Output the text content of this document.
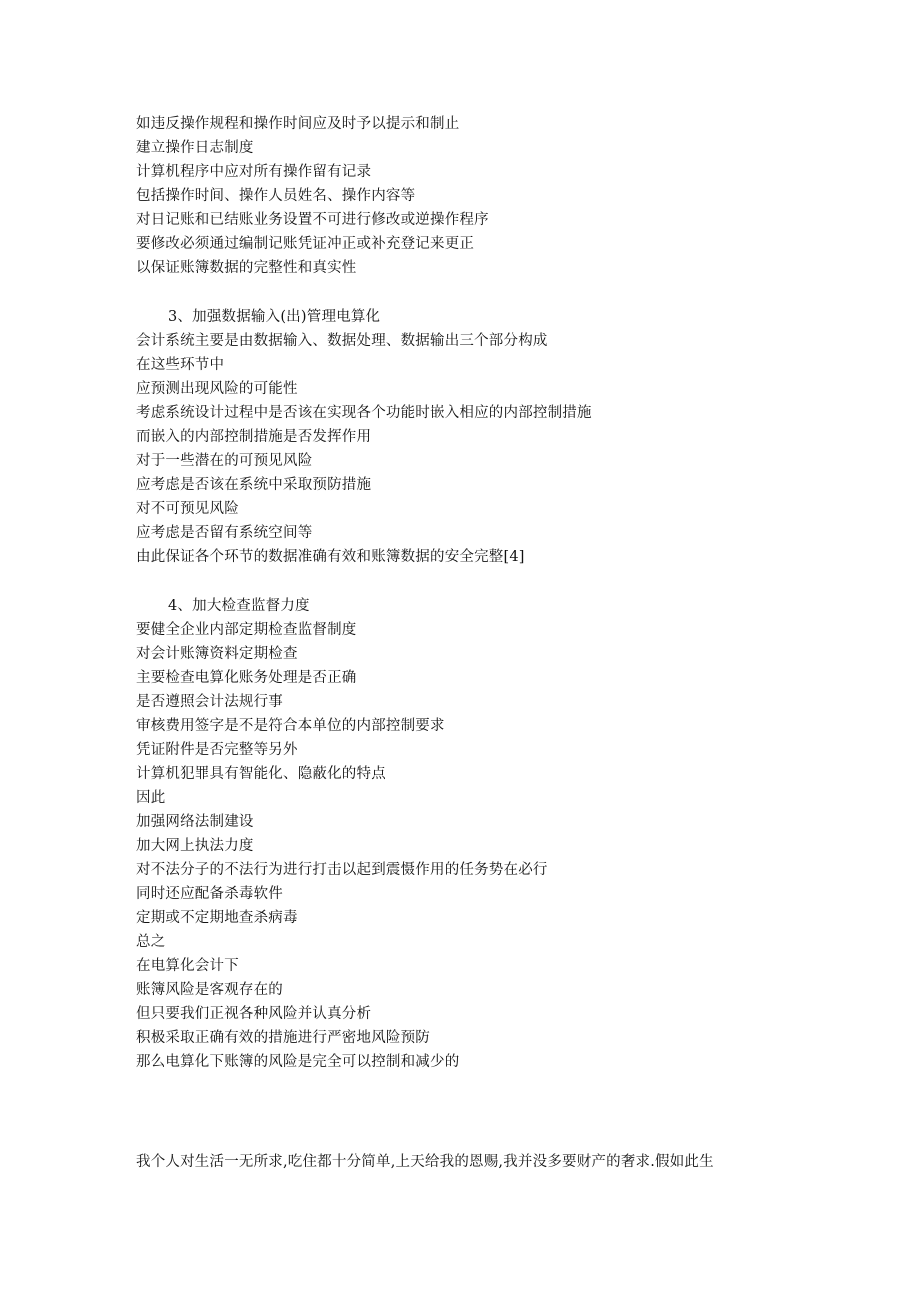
如违反操作规程和操作时间应及时予以提示和制止
建立操作日志制度
计算机程序中应对所有操作留有记录
包括操作时间、操作人员姓名、操作内容等
对日记账和已结账业务设置不可进行修改或逆操作程序
要修改必须通过编制记账凭证冲正或补充登记来更正
以保证账簿数据的完整性和真实性
3、加强数据输入(出)管理电算化
会计系统主要是由数据输入、数据处理、数据输出三个部分构成
在这些环节中
应预测出现风险的可能性
考虑系统设计过程中是否该在实现各个功能时嵌入相应的内部控制措施
而嵌入的内部控制措施是否发挥作用
对于一些潜在的可预见风险
应考虑是否该在系统中采取预防措施
对不可预见风险
应考虑是否留有系统空间等
由此保证各个环节的数据准确有效和账簿数据的安全完整[4]
4、加大检查监督力度
要健全企业内部定期检查监督制度
对会计账簿资料定期检查
主要检查电算化账务处理是否正确
是否遵照会计法规行事
审核费用签字是不是符合本单位的内部控制要求
凭证附件是否完整等另外
计算机犯罪具有智能化、隐蔽化的特点
因此
加强网络法制建设
加大网上执法力度
对不法分子的不法行为进行打击以起到震慑作用的任务势在必行
同时还应配备杀毒软件
定期或不定期地查杀病毒
总之
在电算化会计下
账簿风险是客观存在的
但只要我们正视各种风险并认真分析
积极采取正确有效的措施进行严密地风险预防
那么电算化下账簿的风险是完全可以控制和减少的
我个人对生活一无所求,吃住都十分简单,上天给我的恩赐,我并没多要财产的奢求.假如此生
